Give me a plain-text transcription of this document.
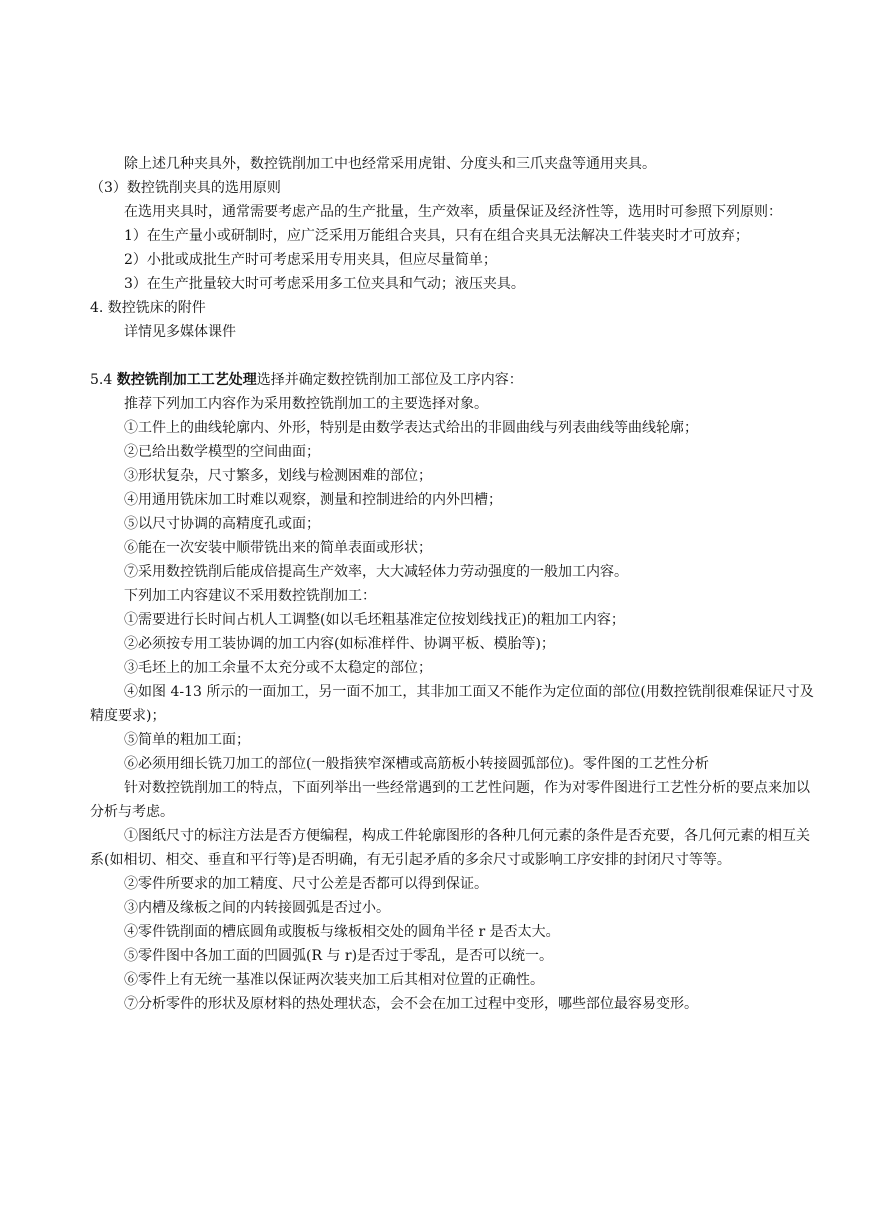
除上述几种夹具外，数控铣削加工中也经常采用虎钳、分度头和三爪夹盘等通用夹具。

（3）数控铣削夹具的选用原则

在选用夹具时，通常需要考虑产品的生产批量，生产效率，质量保证及经济性等，选用时可参照下列原则：

1）在生产量小或研制时，应广泛采用万能组合夹具，只有在组合夹具无法解决工件装夹时才可放弃；

2）小批或成批生产时可考虑采用专用夹具，但应尽量简单；

3）在生产批量较大时可考虑采用多工位夹具和气动；液压夹具。

4. 数控铣床的附件

详情见多媒体课件

5.4 数控铣削加工工艺处理选择并确定数控铣削加工部位及工序内容：

推荐下列加工内容作为采用数控铣削加工的主要选择对象。

①工件上的曲线轮廓内、外形，特别是由数学表达式给出的非圆曲线与列表曲线等曲线轮廓；

②已给出数学模型的空间曲面；

③形状复杂，尺寸繁多，划线与检测困难的部位；

④用通用铣床加工时难以观察，测量和控制进给的内外凹槽；

⑤以尺寸协调的高精度孔或面；

⑥能在一次安装中顺带铣出来的简单表面或形状；

⑦采用数控铣削后能成倍提高生产效率，大大减轻体力劳动强度的一般加工内容。

下列加工内容建议不采用数控铣削加工：

①需要进行长时间占机人工调整(如以毛坯粗基准定位按划线找正)的粗加工内容；

②必须按专用工装协调的加工内容(如标准样件、协调平板、模胎等)；

③毛坯上的加工余量不太充分或不太稳定的部位；

④如图 4-13 所示的一面加工，另一面不加工，其非加工面又不能作为定位面的部位(用数控铣削很难保证尺寸及精度要求)；

⑤简单的粗加工面；

⑥必须用细长铣刀加工的部位(一般指狭窄深槽或高筋板小转接圆弧部位)。零件图的工艺性分析

针对数控铣削加工的特点，下面列举出一些经常遇到的工艺性问题，作为对零件图进行工艺性分析的要点来加以分析与考虑。

①图纸尺寸的标注方法是否方便编程，构成工件轮廓图形的各种几何元素的条件是否充要，各几何元素的相互关系(如相切、相交、垂直和平行等)是否明确，有无引起矛盾的多余尺寸或影响工序安排的封闭尺寸等等。

②零件所要求的加工精度、尺寸公差是否都可以得到保证。

③内槽及缘板之间的内转接圆弧是否过小。

④零件铣削面的槽底圆角或腹板与缘板相交处的圆角半径 r 是否太大。

⑤零件图中各加工面的凹圆弧(R 与 r)是否过于零乱，是否可以统一。

⑥零件上有无统一基准以保证两次装夹加工后其相对位置的正确性。

⑦分析零件的形状及原材料的热处理状态，会不会在加工过程中变形，哪些部位最容易变形。
